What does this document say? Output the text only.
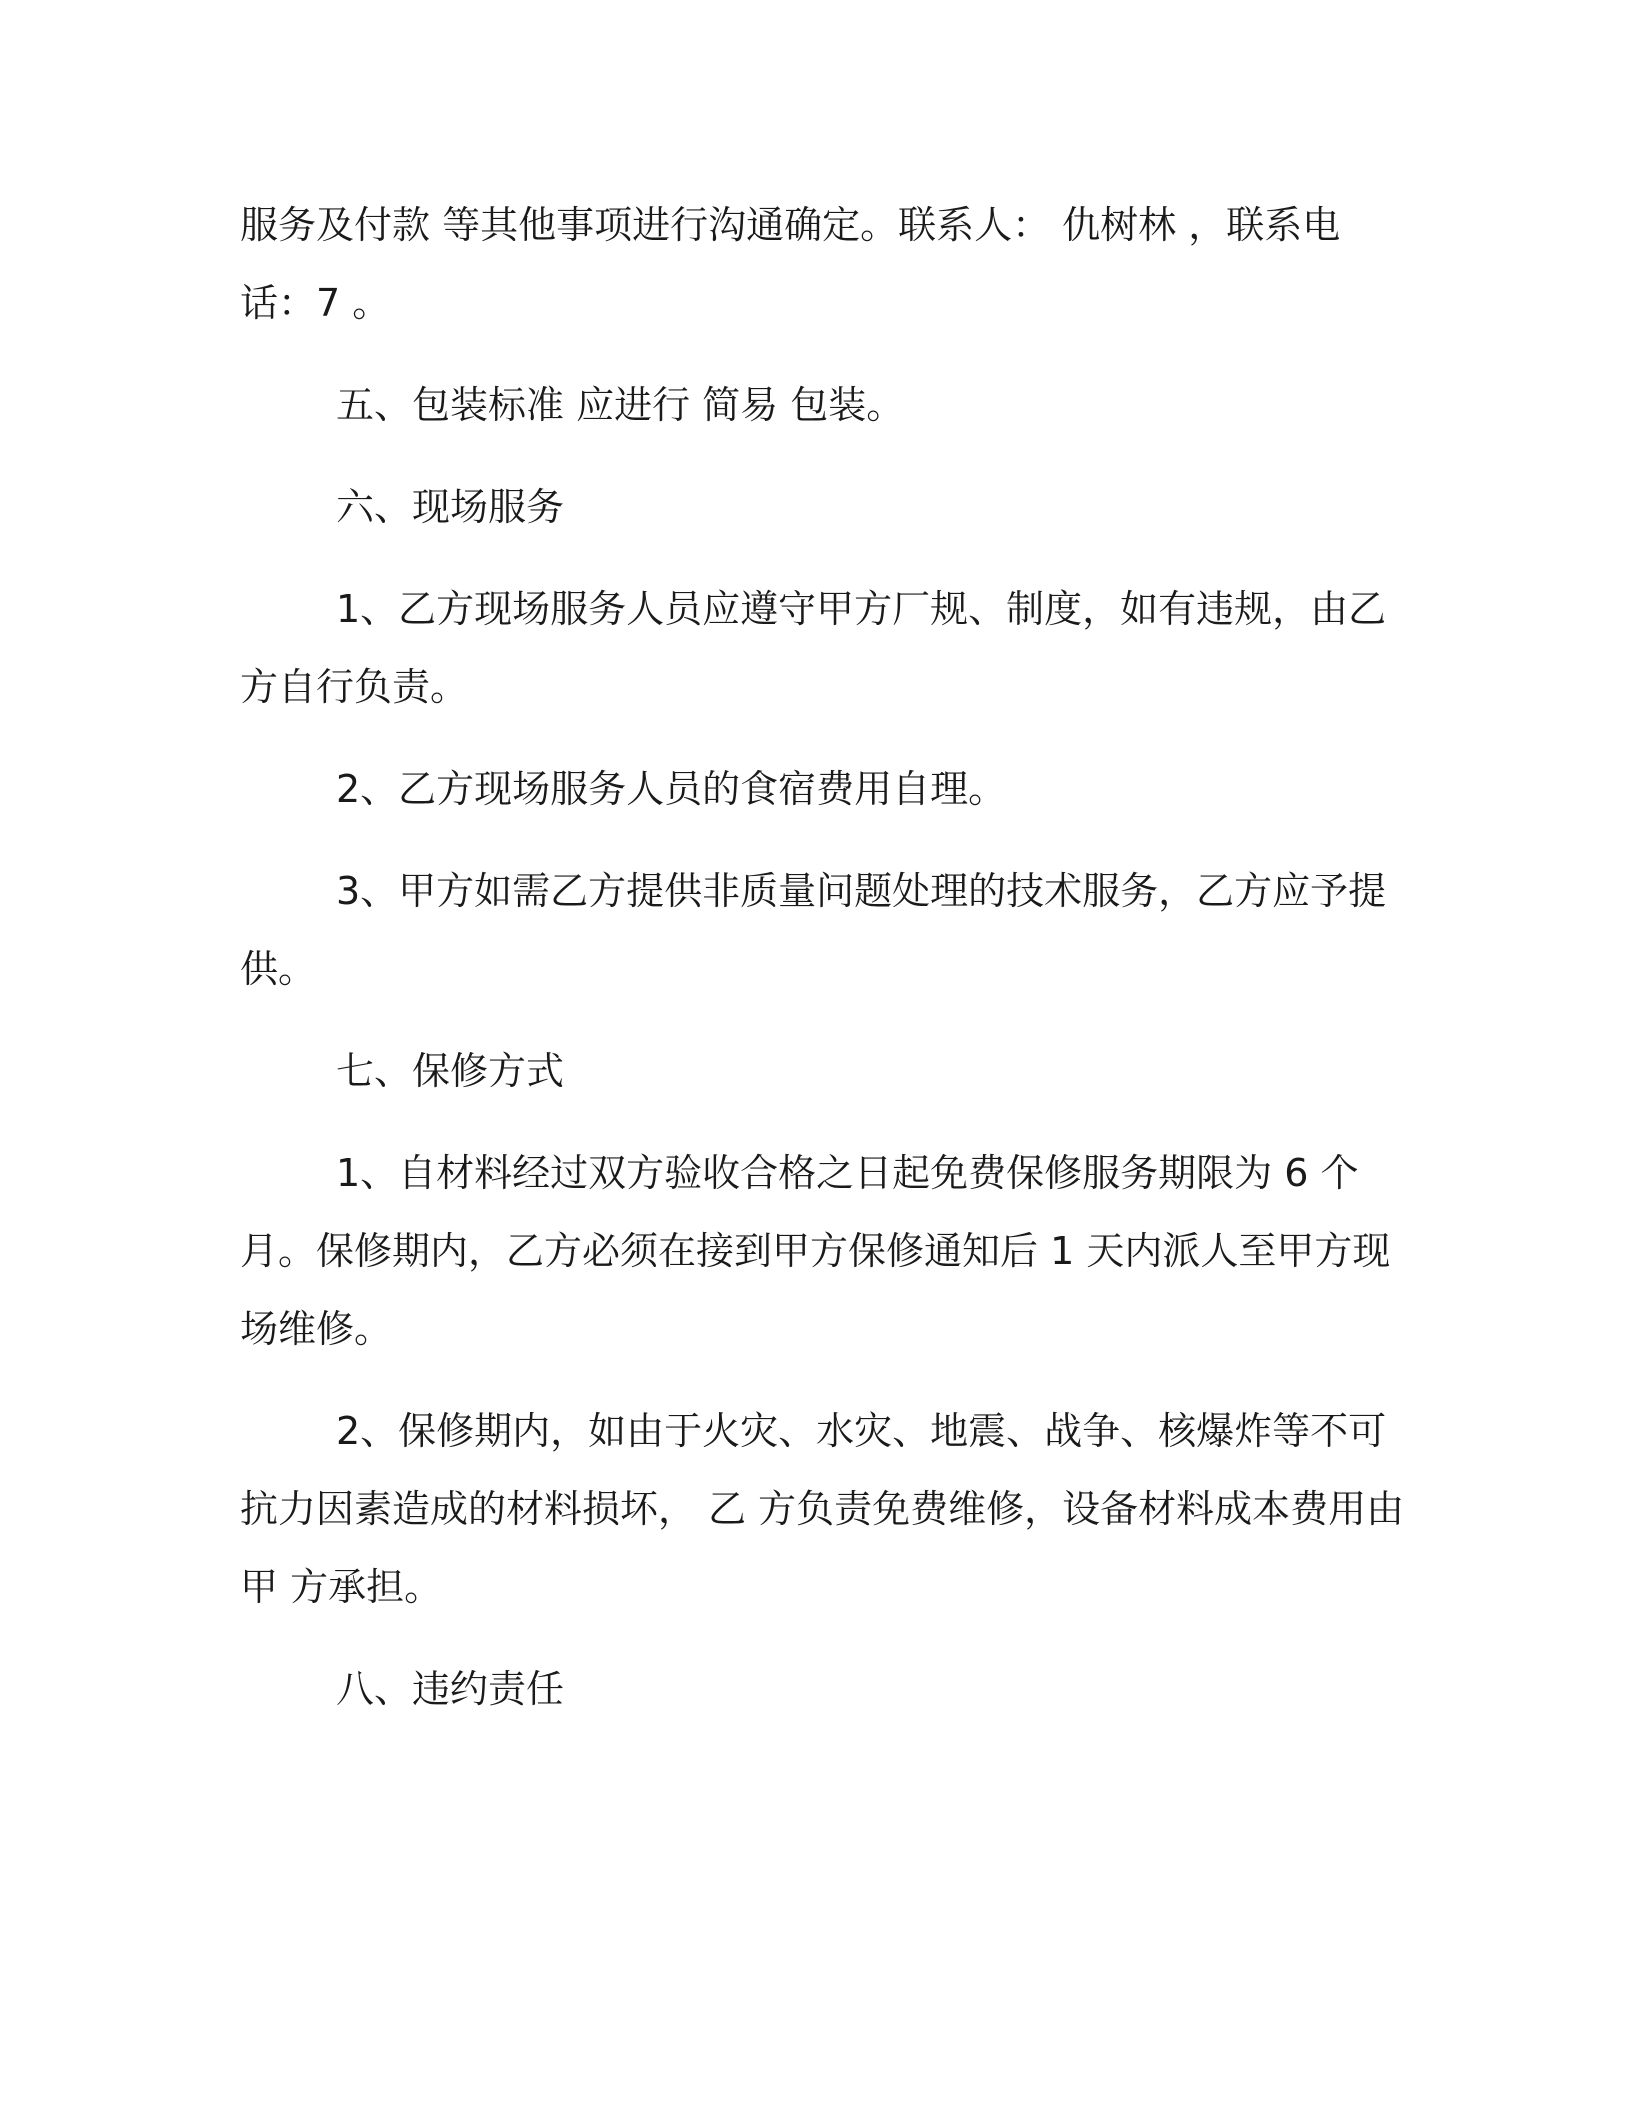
服务及付款 等其他事项进行沟通确定。联系人： 仇树林 ，联系电话：7 。

五、包装标准 应进行 简易 包装。

六、现场服务

1、乙方现场服务人员应遵守甲方厂规、制度，如有违规，由乙方自行负责。

2、乙方现场服务人员的食宿费用自理。

3、甲方如需乙方提供非质量问题处理的技术服务，乙方应予提供。

七、保修方式

1、自材料经过双方验收合格之日起免费保修服务期限为 6 个月。保修期内，乙方必须在接到甲方保修通知后 1 天内派人至甲方现场维修。

2、保修期内，如由于火灾、水灾、地震、战争、核爆炸等不可抗力因素造成的材料损坏， 乙 方负责免费维修，设备材料成本费用由甲 方承担。

八、违约责任
